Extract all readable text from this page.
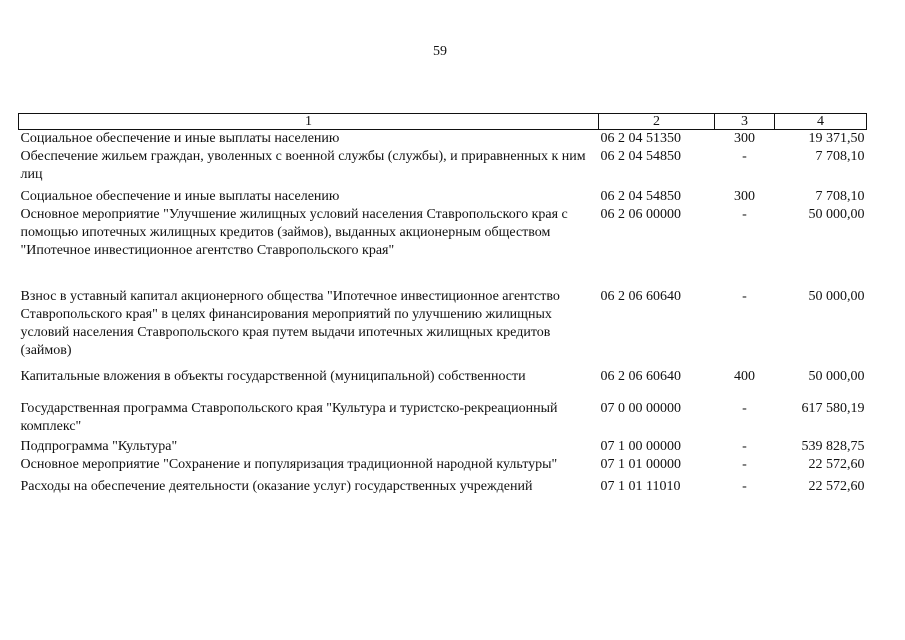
59
1	2	3	4
Социальное обеспечение и иные выплаты населению	06 2 04 51350	300	19 371,50
Обеспечение жильем граждан, уволенных с военной службы (службы), и приравненных к ним лиц	06 2 04 54850	-	7 708,10
Социальное обеспечение и иные выплаты населению	06 2 04 54850	300	7 708,10
Основное мероприятие "Улучшение жилищных условий населения Ставропольского края с помощью ипотечных жилищных кредитов (займов), выданных акционерным обществом "Ипотечное инвестиционное агентство Ставропольского края"	06 2 06 00000	-	50 000,00
Взнос в уставный капитал акционерного общества "Ипотечное инвестиционное агентство Ставропольского края" в целях финансирования мероприятий по улучшению жилищных условий населения Ставропольского края путем выдачи ипотечных жилищных кредитов (займов)	06 2 06 60640	-	50 000,00
Капитальные вложения в объекты государственной (муниципальной) собственности	06 2 06 60640	400	50 000,00
Государственная программа Ставропольского края "Культура и туристско-рекреационный комплекс"	07 0 00 00000	-	617 580,19
Подпрограмма "Культура"	07 1 00 00000	-	539 828,75
Основное мероприятие "Сохранение и популяризация традиционной народной культуры"	07 1 01 00000	-	22 572,60
Расходы на обеспечение деятельности (оказание услуг) государственных учреждений	07 1 01 11010	-	22 572,60
